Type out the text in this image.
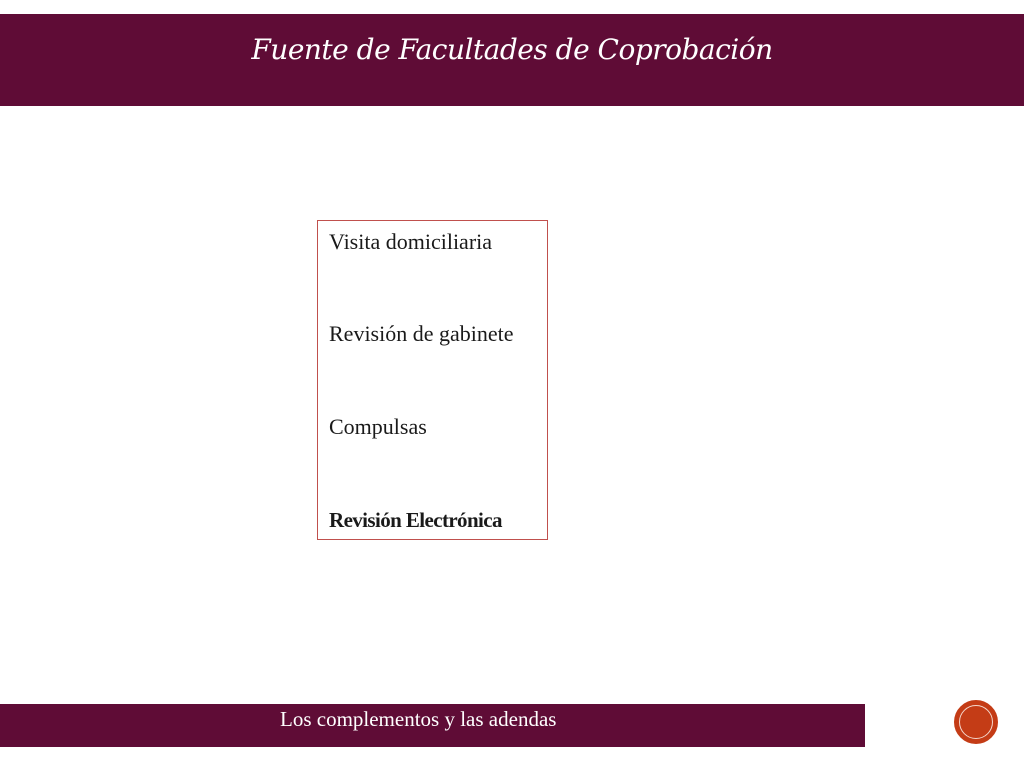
Fuente de Facultades de Coprobación
Visita domiciliaria
Revisión de gabinete
Compulsas
Revisión Electrónica
Los complementos y las adendas
